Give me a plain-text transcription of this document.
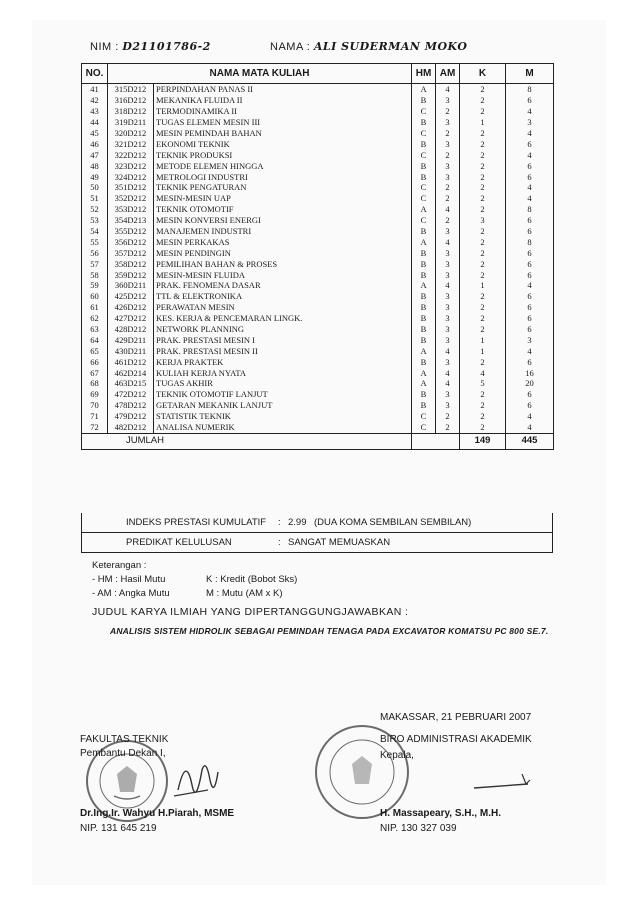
NIM : D21101786-2	NAMA : ALI SUDERMAN MOKO
NO.	NAMA MATA KULIAH		HM	AM	K	M
41	315D212	PERPINDAHAN PANAS II	A	4	2	8
42	316D212	MEKANIKA FLUIDA II	B	3	2	6
43	318D212	TERMODINAMIKA II	C	2	2	4
44	319D211	TUGAS ELEMEN MESIN III	B	3	1	3
45	320D212	MESIN PEMINDAH BAHAN	C	2	2	4
46	321D212	EKONOMI TEKNIK	B	3	2	6
47	322D212	TEKNIK PRODUKSI	C	2	2	4
48	323D212	METODE ELEMEN HINGGA	B	3	2	6
49	324D212	METROLOGI INDUSTRI	B	3	2	6
50	351D212	TEKNIK PENGATURAN	C	2	2	4
51	352D212	MESIN-MESIN UAP	C	2	2	4
52	353D212	TEKNIK OTOMOTIF	A	4	2	8
53	354D213	MESIN KONVERSI ENERGI	C	2	3	6
54	355D212	MANAJEMEN INDUSTRI	B	3	2	6
55	356D212	MESIN PERKAKAS	A	4	2	8
56	357D212	MESIN PENDINGIN	B	3	2	6
57	358D212	PEMILIHAN BAHAN & PROSES	B	3	2	6
58	359D212	MESIN-MESIN FLUIDA	B	3	2	6
59	360D211	PRAK. FENOMENA DASAR	A	4	1	4
60	425D212	TTL & ELEKTRONIKA	B	3	2	6
61	426D212	PERAWATAN MESIN	B	3	2	6
62	427D212	KES. KERJA & PENCEMARAN LINGK.	B	3	2	6
63	428D212	NETWORK PLANNING	B	3	2	6
64	429D211	PRAK. PRESTASI MESIN I	B	3	1	3
65	430D211	PRAK. PRESTASI MESIN II	A	4	1	4
66	461D212	KERJA PRAKTEK	B	3	2	6
67	462D214	KULIAH KERJA NYATA	A	4	4	16
68	463D215	TUGAS AKHIR	A	4	5	20
69	472D212	TEKNIK OTOMOTIF LANJUT	B	3	2	6
70	478D212	GETARAN MEKANIK LANJUT	B	3	2	6
71	479D212	STATISTIK TEKNIK	C	2	2	4
72	482D212	ANALISA NUMERIK	C	2	2	4
JUMLAH					149	445
INDEKS PRESTASI KUMULATIF : 2.99 (DUA KOMA SEMBILAN SEMBILAN)
PREDIKAT KELULUSAN	: SANGAT MEMUASKAN
Keterangan :
- HM : Hasil Mutu
- AM : Angka Mutu
K : Kredit (Bobot Sks)
M : Mutu (AM x K)
JUDUL KARYA ILMIAH YANG DIPERTANGGUNGJAWABKAN :
ANALISIS SISTEM HIDROLIK SEBAGAI PEMINDAH TENAGA PADA EXCAVATOR KOMATSU PC 800 SE.7.
FAKULTAS TEKNIK
Pembantu Dekan I,
Dr.Ing.Ir. Wahyu H.Piarah, MSME
NIP. 131 645 219
MAKASSAR, 21 PEBRUARI 2007
BIRO ADMINISTRASI AKADEMIK
Kepala,
H. Massapeary, S.H., M.H.
NIP. 130 327 039
